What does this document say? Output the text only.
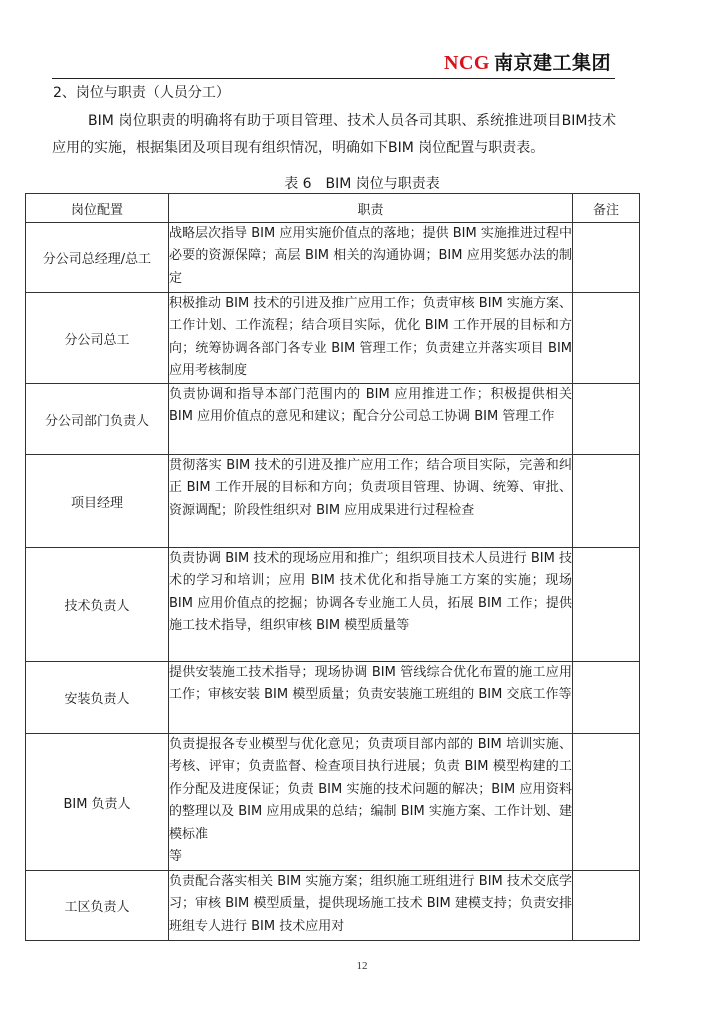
NCG 南京建工集团
2、岗位与职责（人员分工）
BIM 岗位职责的明确将有助于项目管理、技术人员各司其职、系统推进项目BIM技术应用的实施，根据集团及项目现有组织情况，明确如下BIM 岗位配置与职责表。
表 6　BIM 岗位与职责表
岗位配置	职责	备注
分公司总经理/总工	战略层次指导 BIM 应用实施价值点的落地；提供 BIM 实施推进过程中必要的资源保障；高层 BIM 相关的沟通协调；BIM 应用奖惩办法的制定	
分公司总工	积极推动 BIM 技术的引进及推广应用工作；负责审核 BIM 实施方案、工作计划、工作流程；结合项目实际，优化 BIM 工作开展的目标和方向；统筹协调各部门各专业 BIM 管理工作；负责建立并落实项目 BIM 应用考核制度	
分公司部门负责人	负责协调和指导本部门范围内的 BIM 应用推进工作；积极提供相关 BIM 应用价值点的意见和建议；配合分公司总工协调 BIM 管理工作	
项目经理	贯彻落实 BIM 技术的引进及推广应用工作；结合项目实际，完善和纠正 BIM 工作开展的目标和方向；负责项目管理、协调、统筹、审批、资源调配；阶段性组织对 BIM 应用成果进行过程检查	
技术负责人	负责协调 BIM 技术的现场应用和推广；组织项目技术人员进行 BIM 技术的学习和培训；应用 BIM 技术优化和指导施工方案的实施；现场 BIM 应用价值点的挖掘；协调各专业施工人员，拓展 BIM 工作；提供施工技术指导，组织审核 BIM 模型质量等	
安装负责人	提供安装施工技术指导；现场协调 BIM 管线综合优化布置的施工应用工作；审核安装 BIM 模型质量；负责安装施工班组的 BIM 交底工作等	
BIM 负责人	负责提报各专业模型与优化意见；负责项目部内部的 BIM 培训实施、考核、评审；负责监督、检查项目执行进展；负责 BIM 模型构建的工作分配及进度保证；负责 BIM 实施的技术问题的解决；BIM 应用资料的整理以及 BIM 应用成果的总结；编制 BIM 实施方案、工作计划、建模标准
等	

工区负责人	负责配合落实相关 BIM 实施方案；组织施工班组进行 BIM 技术交底学习；审核 BIM 模型质量，提供现场施工技术 BIM 建模支持；负责安排班组专人进行 BIM 技术应用对	
12
